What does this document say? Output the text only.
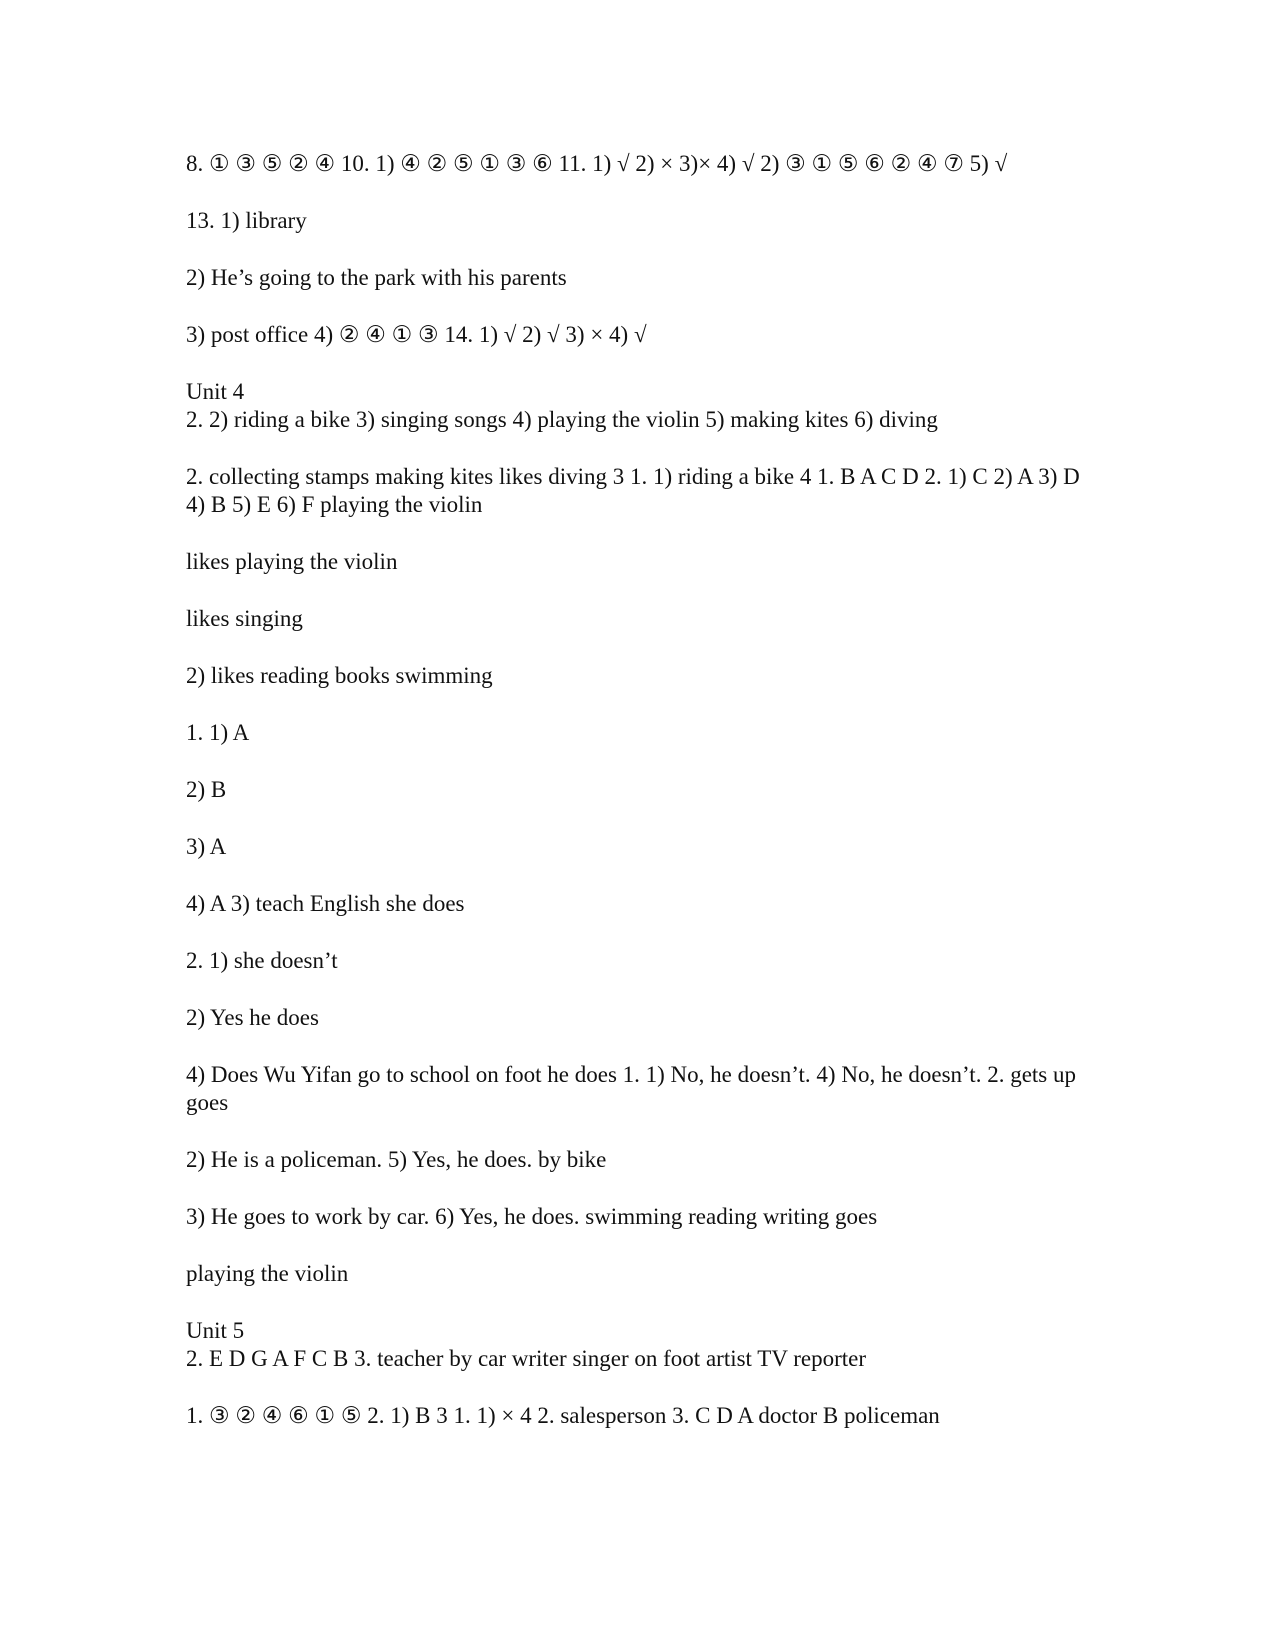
8. ① ③ ⑤ ② ④ 10. 1) ④ ② ⑤ ① ③ ⑥ 11. 1) √ 2) × 3)× 4) √ 2) ③ ① ⑤ ⑥ ② ④ ⑦ 5) √

13. 1) library

2) He’s going to the park with his parents

3) post office 4) ② ④ ① ③ 14. 1) √ 2) √ 3) × 4) √

Unit 4

2. 2) riding a bike 3) singing songs 4) playing the violin 5) making kites 6) diving

2. collecting stamps making kites likes diving 3 1. 1) riding a bike 4 1. B A C D 2. 1) C 2) A 3) D 4) B 5) E 6) F playing the violin

likes playing the violin

likes singing

2) likes reading books swimming

1. 1) A

2) B

3) A

4) A 3) teach English she does

2. 1) she doesn’t

2) Yes he does

4) Does Wu Yifan go to school on foot he does 1. 1) No, he doesn’t. 4) No, he doesn’t. 2. gets up goes

2) He is a policeman. 5) Yes, he does. by bike

3) He goes to work by car. 6) Yes, he does. swimming reading writing goes

playing the violin

Unit 5

2. E D G A F C B 3. teacher by car writer singer on foot artist TV reporter

1. ③ ② ④ ⑥ ① ⑤ 2. 1) B 3 1. 1) × 4 2. salesperson 3. C D A doctor B policeman
